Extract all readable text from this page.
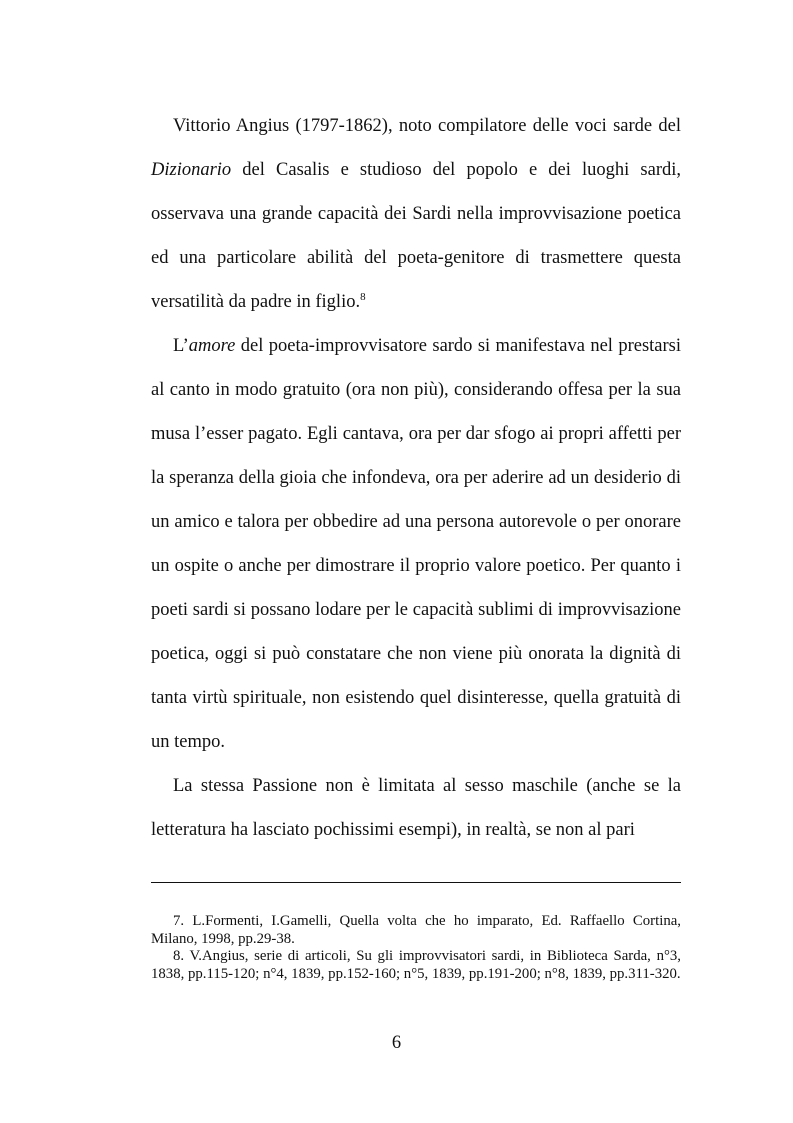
Vittorio Angius (1797-1862), noto compilatore delle voci sarde del Dizionario del Casalis e studioso del popolo e dei luoghi sardi, osservava una grande capacità dei Sardi nella improvvisazione poetica ed una particolare abilità del poeta-genitore di trasmettere questa versatilità da padre in figlio.$^8$

L’amore del poeta-improvvisatore sardo si manifestava nel prestarsi al canto in modo gratuito (ora non più), considerando offesa per la sua musa l’esser pagato. Egli cantava, ora per dar sfogo ai propri affetti per la speranza della gioia che infondeva, ora per aderire ad un desiderio di un amico e talora per obbedire ad una persona autorevole o per onorare un ospite o anche per dimostrare il proprio valore poetico. Per quanto i poeti sardi si possano lodare per le capacità sublimi di improvvisazione poetica, oggi si può constatare che non viene più onorata la dignità di tanta virtù spirituale, non esistendo quel disinteresse, quella gratuità di un tempo.

La stessa Passione non è limitata al sesso maschile (anche se la letteratura ha lasciato pochissimi esempi), in realtà, se non al pari

7. L.Formenti, I.Gamelli, Quella volta che ho imparato, Ed. Raffaello Cortina, Milano, 1998, pp.29-38.

8. V.Angius, serie di articoli, Su gli improvvisatori sardi, in Biblioteca Sarda, n°3, 1838, pp.115-120; n°4, 1839, pp.152-160; n°5, 1839, pp.191-200; n°8, 1839, pp.311-320.

6
